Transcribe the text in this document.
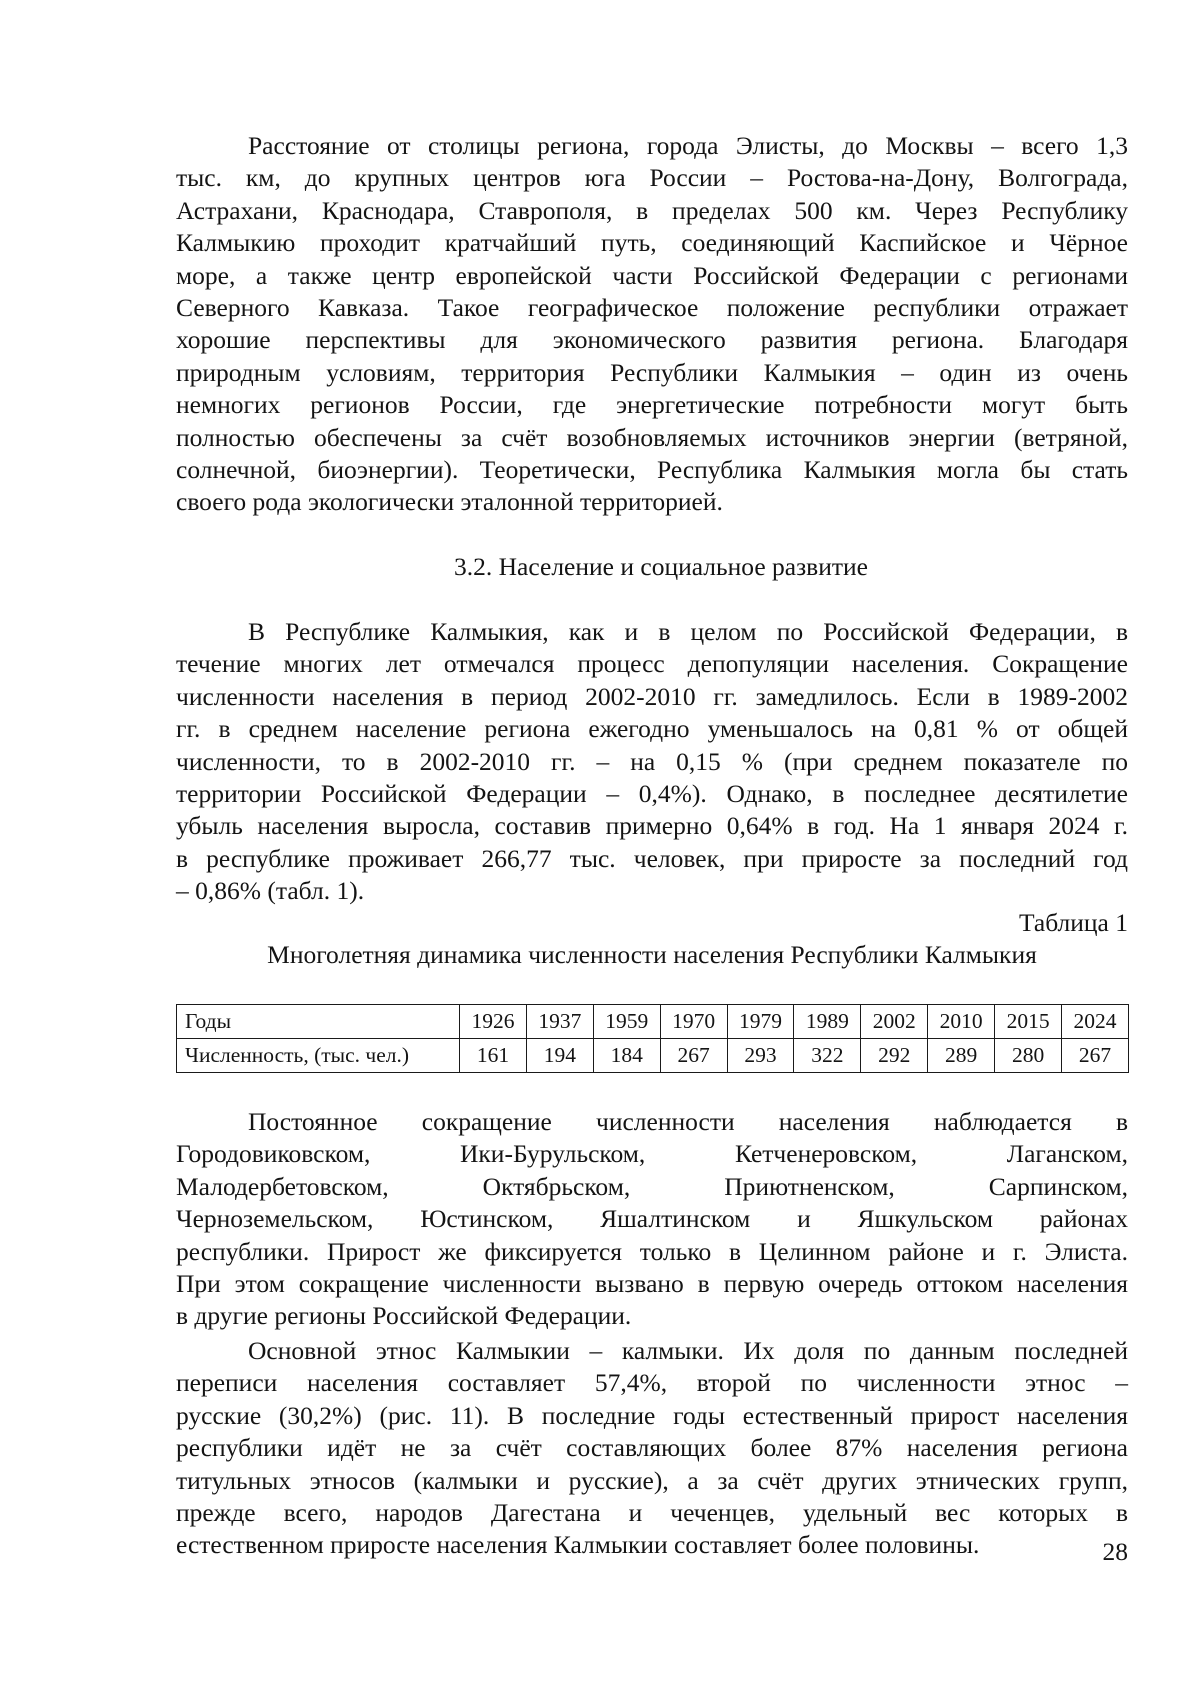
Расстояние от столицы региона, города Элисты, до Москвы – всего 1,3
тыс. км, до крупных центров юга России – Ростова-на-Дону, Волгограда,
Астрахани, Краснодара, Ставрополя, в пределах 500 км. Через Республику
Калмыкию проходит кратчайший путь, соединяющий Каспийское и Чёрное
море, а также центр европейской части Российской Федерации с регионами
Северного Кавказа. Такое географическое положение республики отражает
хорошие перспективы для экономического развития региона. Благодаря
природным условиям, территория Республики Калмыкия – один из очень
немногих регионов России, где энергетические потребности могут быть
полностью обеспечены за счёт возобновляемых источников энергии (ветряной,
солнечной, биоэнергии). Теоретически, Республика Калмыкия могла бы стать
своего рода экологически эталонной территорией.
3.2. Население и социальное развитие
В Республике Калмыкия, как и в целом по Российской Федерации, в
течение многих лет отмечался процесс депопуляции населения. Сокращение
численности населения в период 2002-2010 гг. замедлилось. Если в 1989-2002
гг. в среднем население региона ежегодно уменьшалось на 0,81 % от общей
численности, то в 2002-2010 гг. – на 0,15 % (при среднем показателе по
территории Российской Федерации – 0,4%). Однако, в последнее десятилетие
убыль населения выросла, составив примерно 0,64% в год. На 1 января 2024 г.
в республике проживает 266,77 тыс. человек, при приросте за последний год
– 0,86% (табл. 1).
Таблица 1
Многолетняя динамика численности населения Республики Калмыкия
Годы	1926	1937	1959	1970	1979	1989	2002	2010	2015	2024
Численность, (тыс. чел.)	161	194	184	267	293	322	292	289	280	267
Постоянное сокращение численности населения наблюдается в
Городовиковском, Ики-Бурульском, Кетченеровском, Лаганском,
Малодербетовском, Октябрьском, Приютненском, Сарпинском,
Черноземельском, Юстинском, Яшалтинском и Яшкульском районах
республики. Прирост же фиксируется только в Целинном районе и г. Элиста.
При этом сокращение численности вызвано в первую очередь оттоком населения
в другие регионы Российской Федерации.
Основной этнос Калмыкии – калмыки. Их доля по данным последней
переписи населения составляет 57,4%, второй по численности этнос –
русские (30,2%) (рис. 11). В последние годы естественный прирост населения
республики идёт не за счёт составляющих более 87% населения региона
титульных этносов (калмыки и русские), а за счёт других этнических групп,
прежде всего, народов Дагестана и чеченцев, удельный вес которых в
естественном приросте населения Калмыкии составляет более половины.	28
